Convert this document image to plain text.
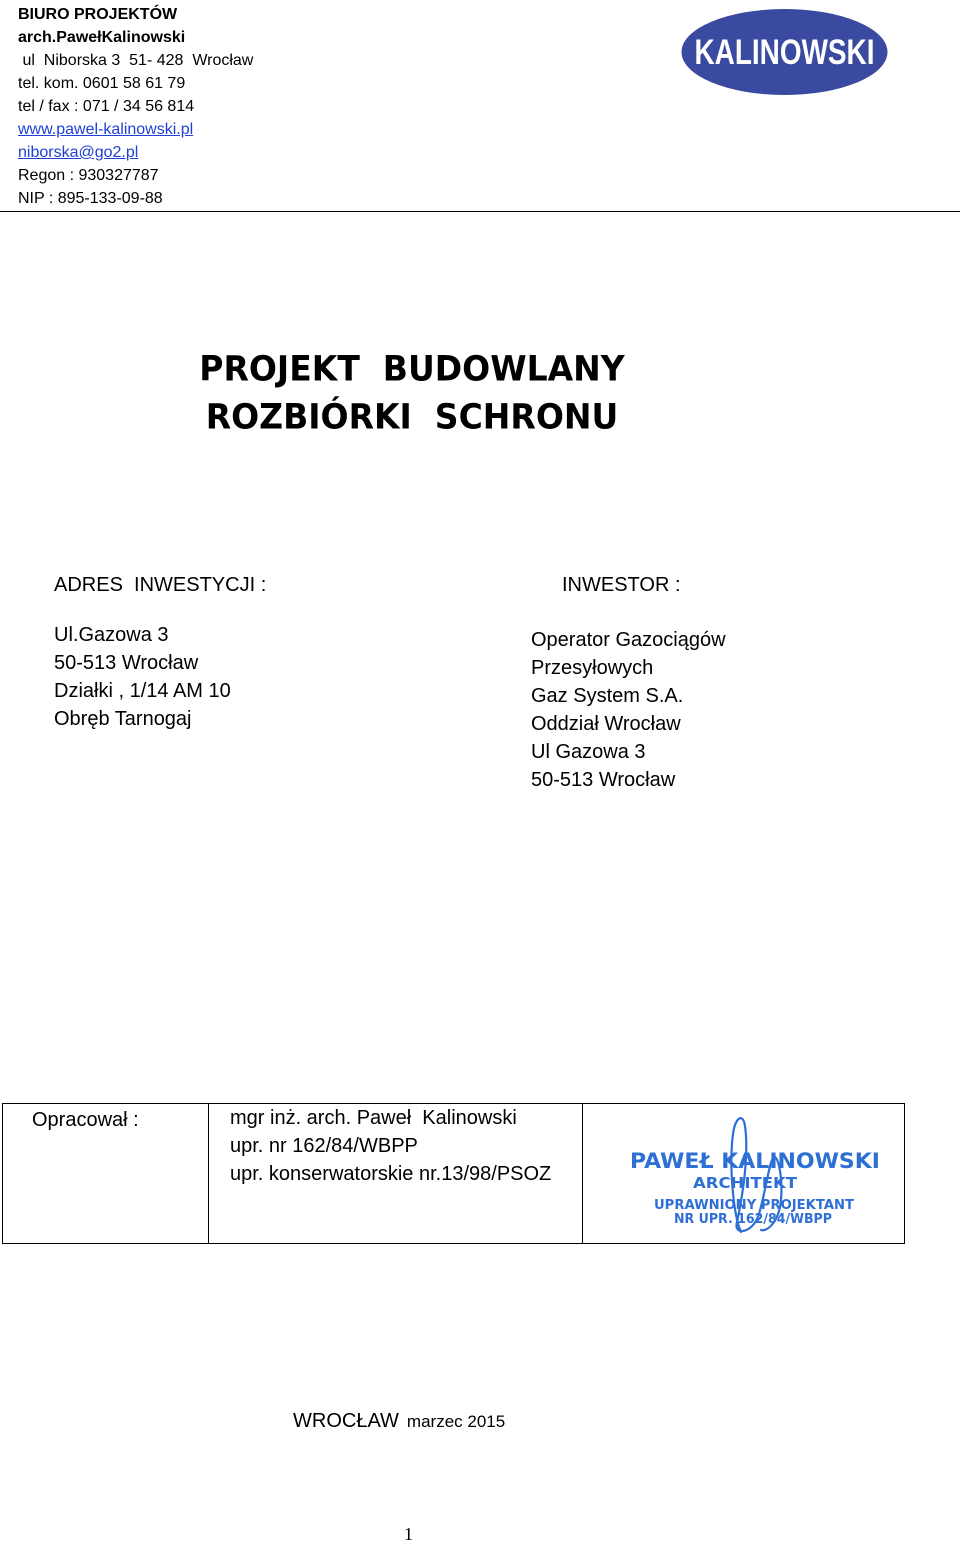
BIURO PROJEKTÓW
arch.PawełKalinowski
ul  Niborska 3  51- 428  Wrocław
tel. kom. 0601 58 61 79
tel / fax : 071 / 34 56 814
www.pawel-kalinowski.pl
niborska@go2.pl
Regon : 930327787
NIP : 895-133-09-88
KALINOWSKI
PROJEKT  BUDOWLANY
ROZBIÓRKI  SCHRONU
ADRES  INWESTYCJI :
Ul.Gazowa 3
50-513 Wrocław
Działki , 1/14 AM 10
Obręb Tarnogaj
INWESTOR :
Operator Gazociągów
Przesyłowych
Gaz System S.A.
Oddział Wrocław
Ul Gazowa 3
50-513 Wrocław
Opracował :	mgr inż. arch. Paweł  Kalinowski
upr. nr 162/84/WBPP
upr. konserwatorskie nr.13/98/PSOZ
PAWEŁ KALINOWSKI
ARCHITEKT
UPRAWNIONY PROJEKTANT
NR UPR. 162/84/WBPP
WROCŁAW marzec 2015
1
